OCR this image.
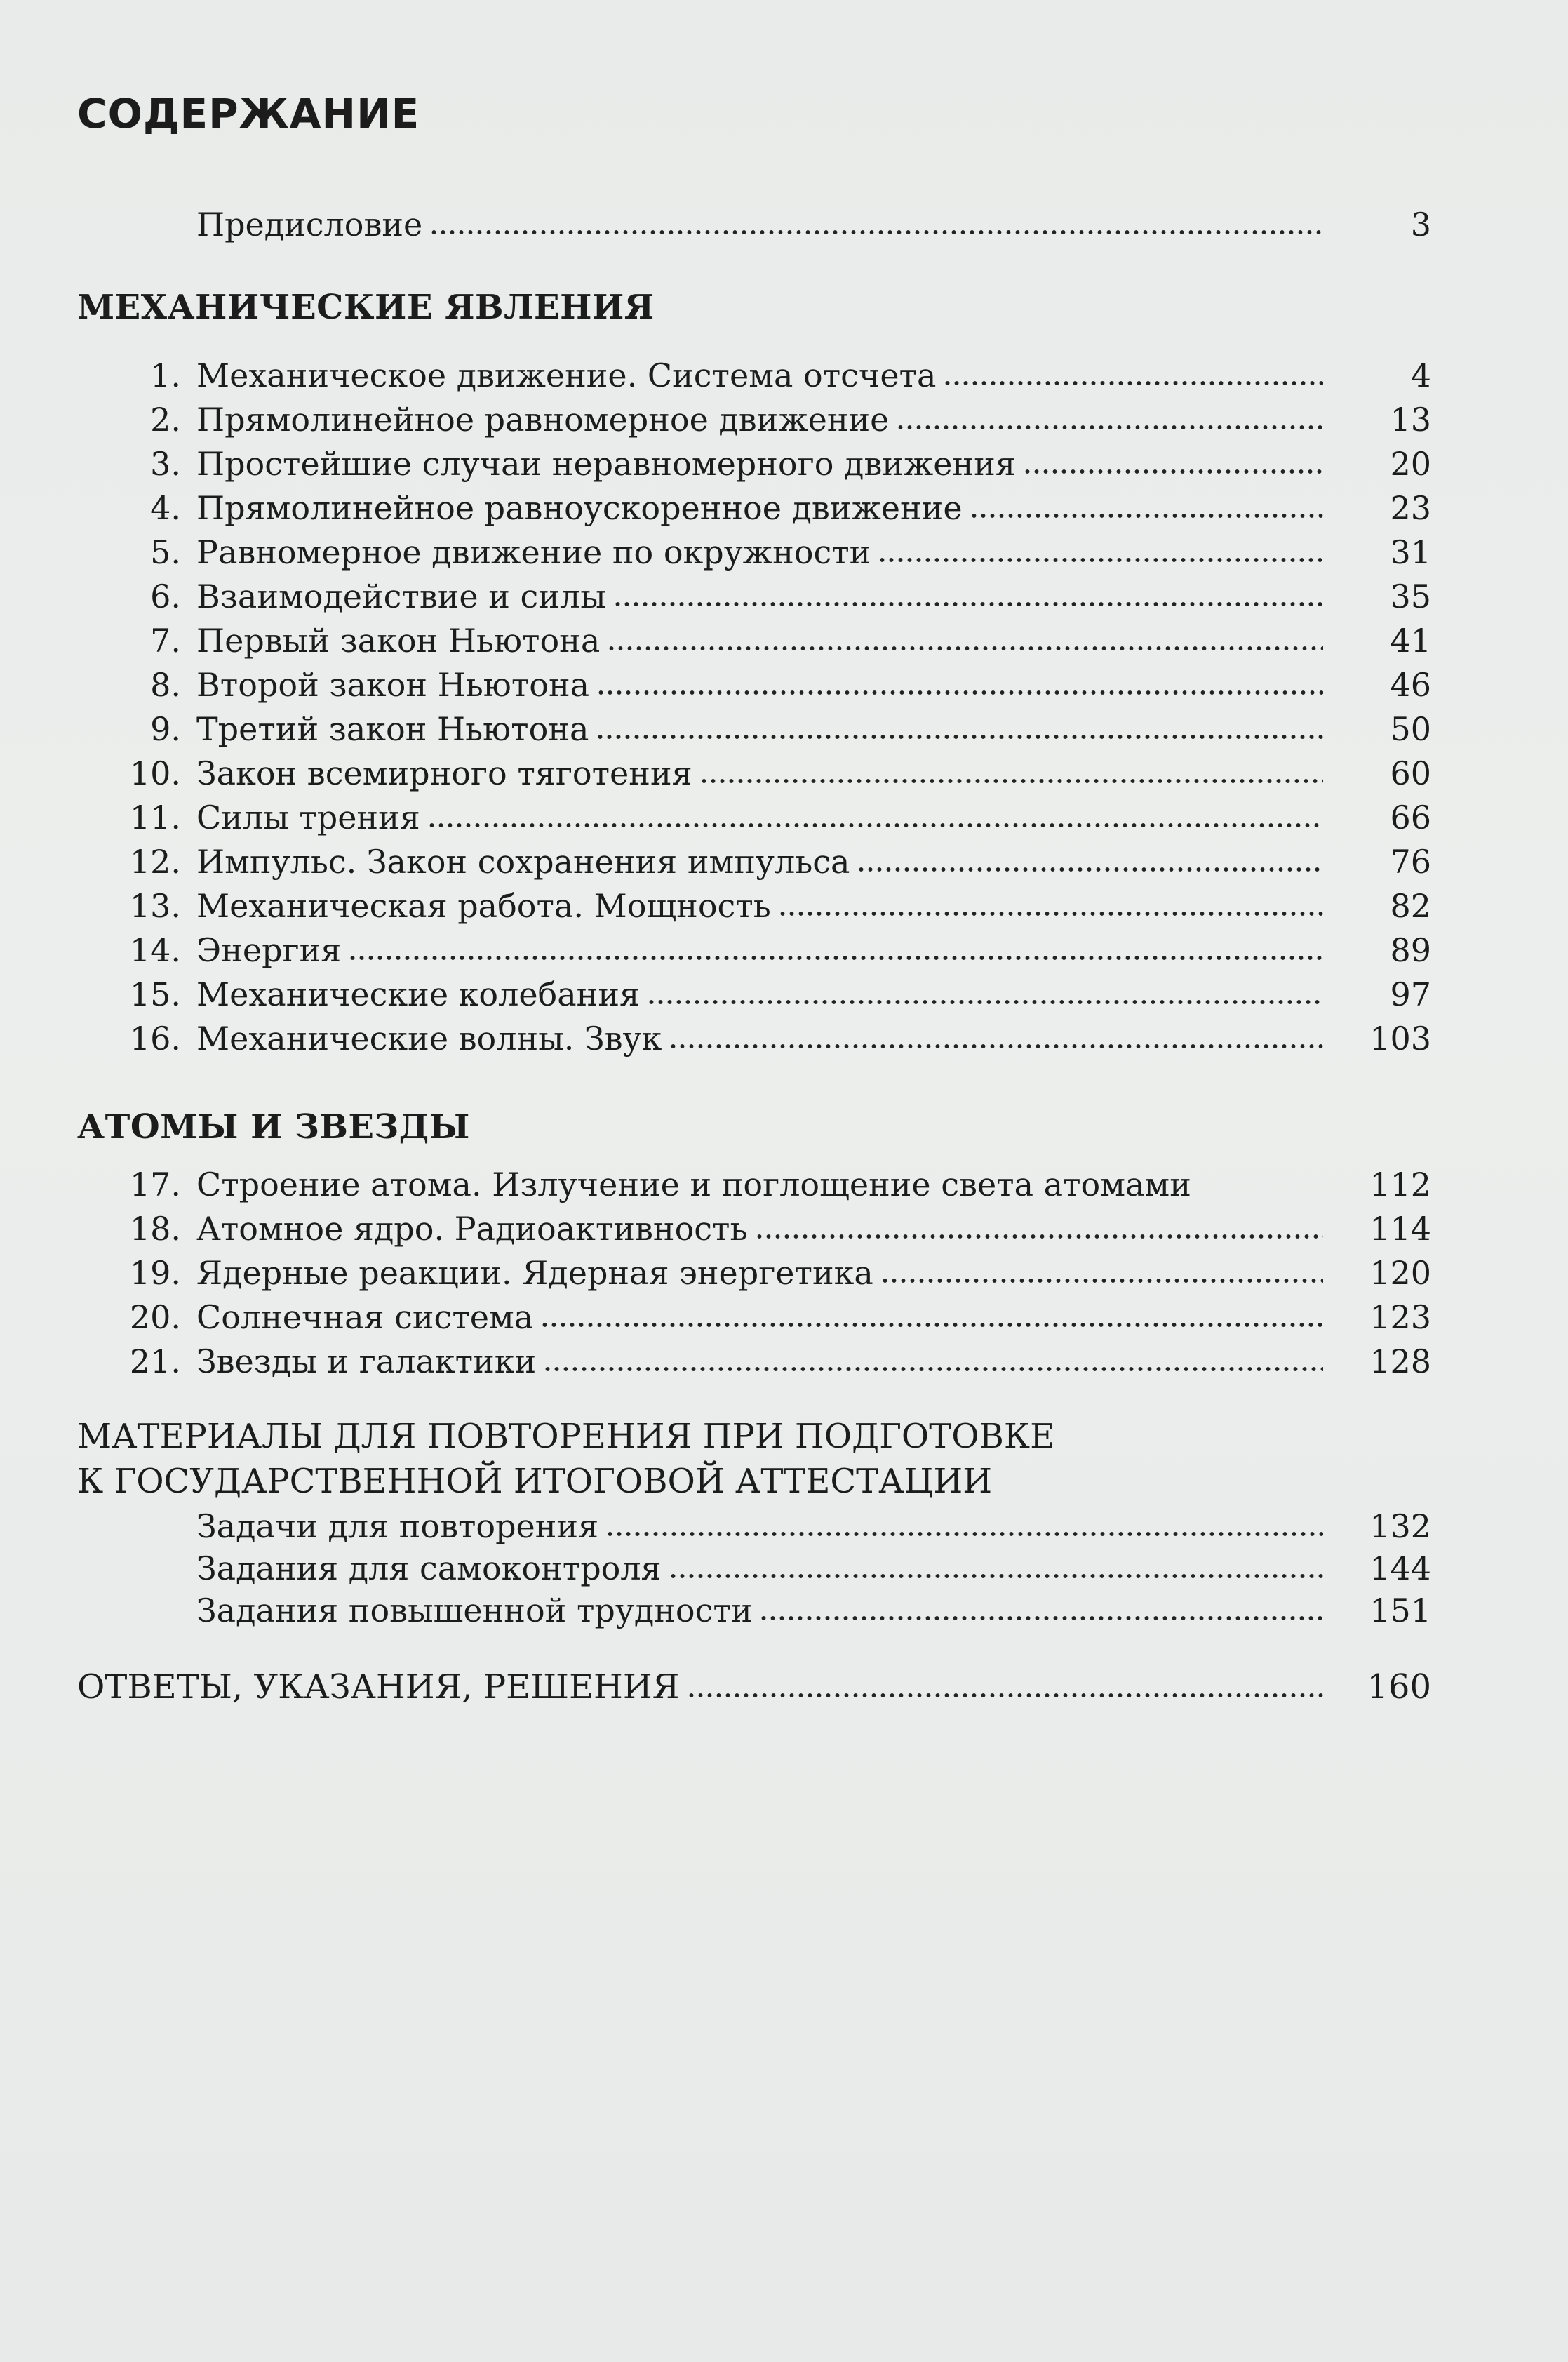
СОДЕРЖАНИЕ
Предисловие	3
МЕХАНИЧЕСКИЕ ЯВЛЕНИЯ
1. Механическое движение. Система отсчета	4
2. Прямолинейное равномерное движение	13
3. Простейшие случаи неравномерного движения	20
4. Прямолинейное равноускоренное движение	23
5. Равномерное движение по окружности	31
6. Взаимодействие и силы	35
7. Первый закон Ньютона	41
8. Второй закон Ньютона	46
9. Третий закон Ньютона	50
10. Закон всемирного тяготения	60
11. Силы трения	66
12. Импульс. Закон сохранения импульса	76
13. Механическая работа. Мощность	82
14. Энергия	89
15. Механические колебания	97
16. Механические волны. Звук	103
АТОМЫ И ЗВЕЗДЫ
17. Строение атома. Излучение и поглощение света атомами	112
18. Атомное ядро. Радиоактивность	114
19. Ядерные реакции. Ядерная энергетика	120
20. Солнечная система	123
21. Звезды и галактики	128
МАТЕРИАЛЫ ДЛЯ ПОВТОРЕНИЯ ПРИ ПОДГОТОВКЕ
К ГОСУДАРСТВЕННОЙ ИТОГОВОЙ АТТЕСТАЦИИ
Задачи для повторения	132
Задания для самоконтроля	144
Задания повышенной трудности	151
ОТВЕТЫ, УКАЗАНИЯ, РЕШЕНИЯ	160
